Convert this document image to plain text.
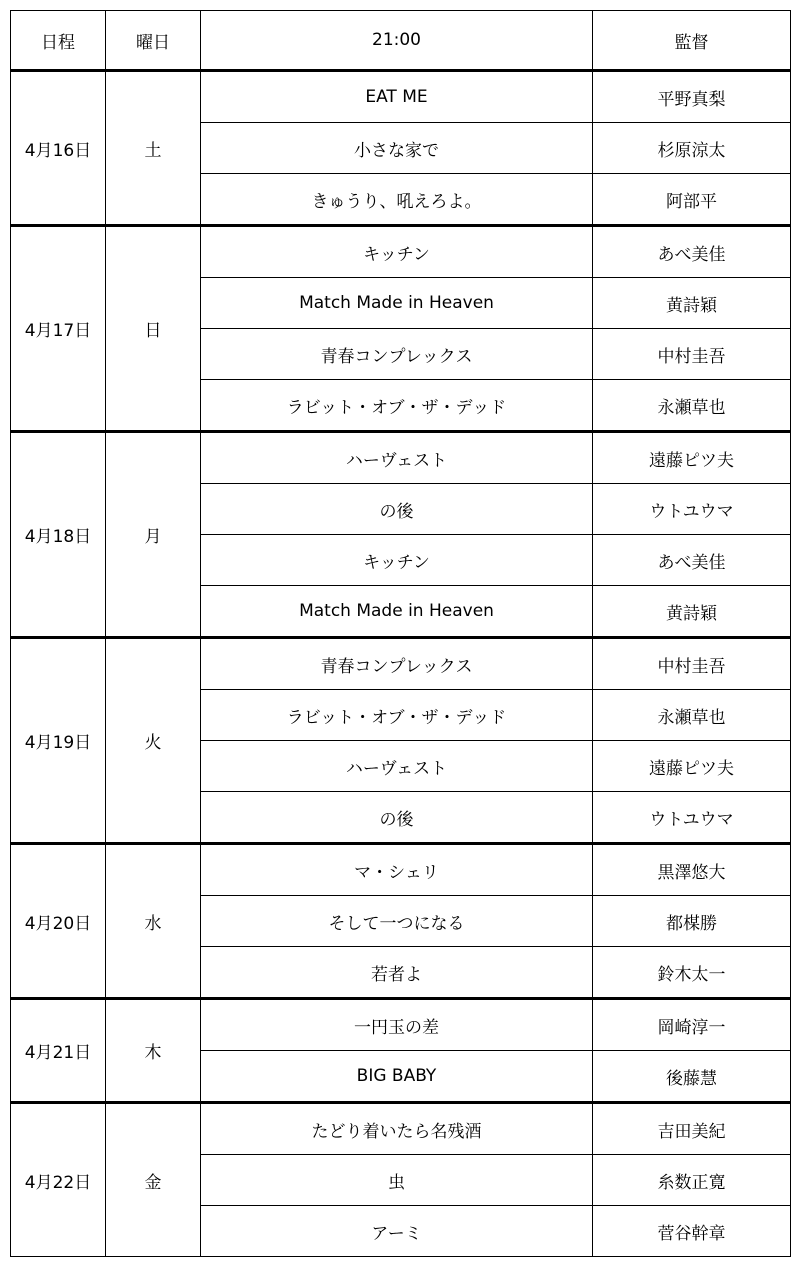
日程	曜日	21:00	監督
4月16日	土	EAT ME	平野真梨
		小さな家で	杉原涼太
		きゅうり、吼えろよ。	阿部平
4月17日	日	キッチン	あべ美佳
		Match Made in Heaven	黄詩穎
		青春コンプレックス	中村圭吾
		ラビット・オブ・ザ・デッド	永瀬草也
4月18日	月	ハーヴェスト	遠藤ピツ夫
		の後	ウトユウマ
		キッチン	あべ美佳
		Match Made in Heaven	黄詩穎
4月19日	火	青春コンプレックス	中村圭吾
		ラビット・オブ・ザ・デッド	永瀬草也
		ハーヴェスト	遠藤ピツ夫
		の後	ウトユウマ
4月20日	水	マ・シェリ	黒澤悠大
		そして一つになる	都楳勝
		若者よ	鈴木太一
4月21日	木	一円玉の差	岡崎淳一
		BIG BABY	後藤慧
4月22日	金	たどり着いたら名残酒	吉田美紀
		虫	糸数正寛
		アーミ	菅谷幹章
